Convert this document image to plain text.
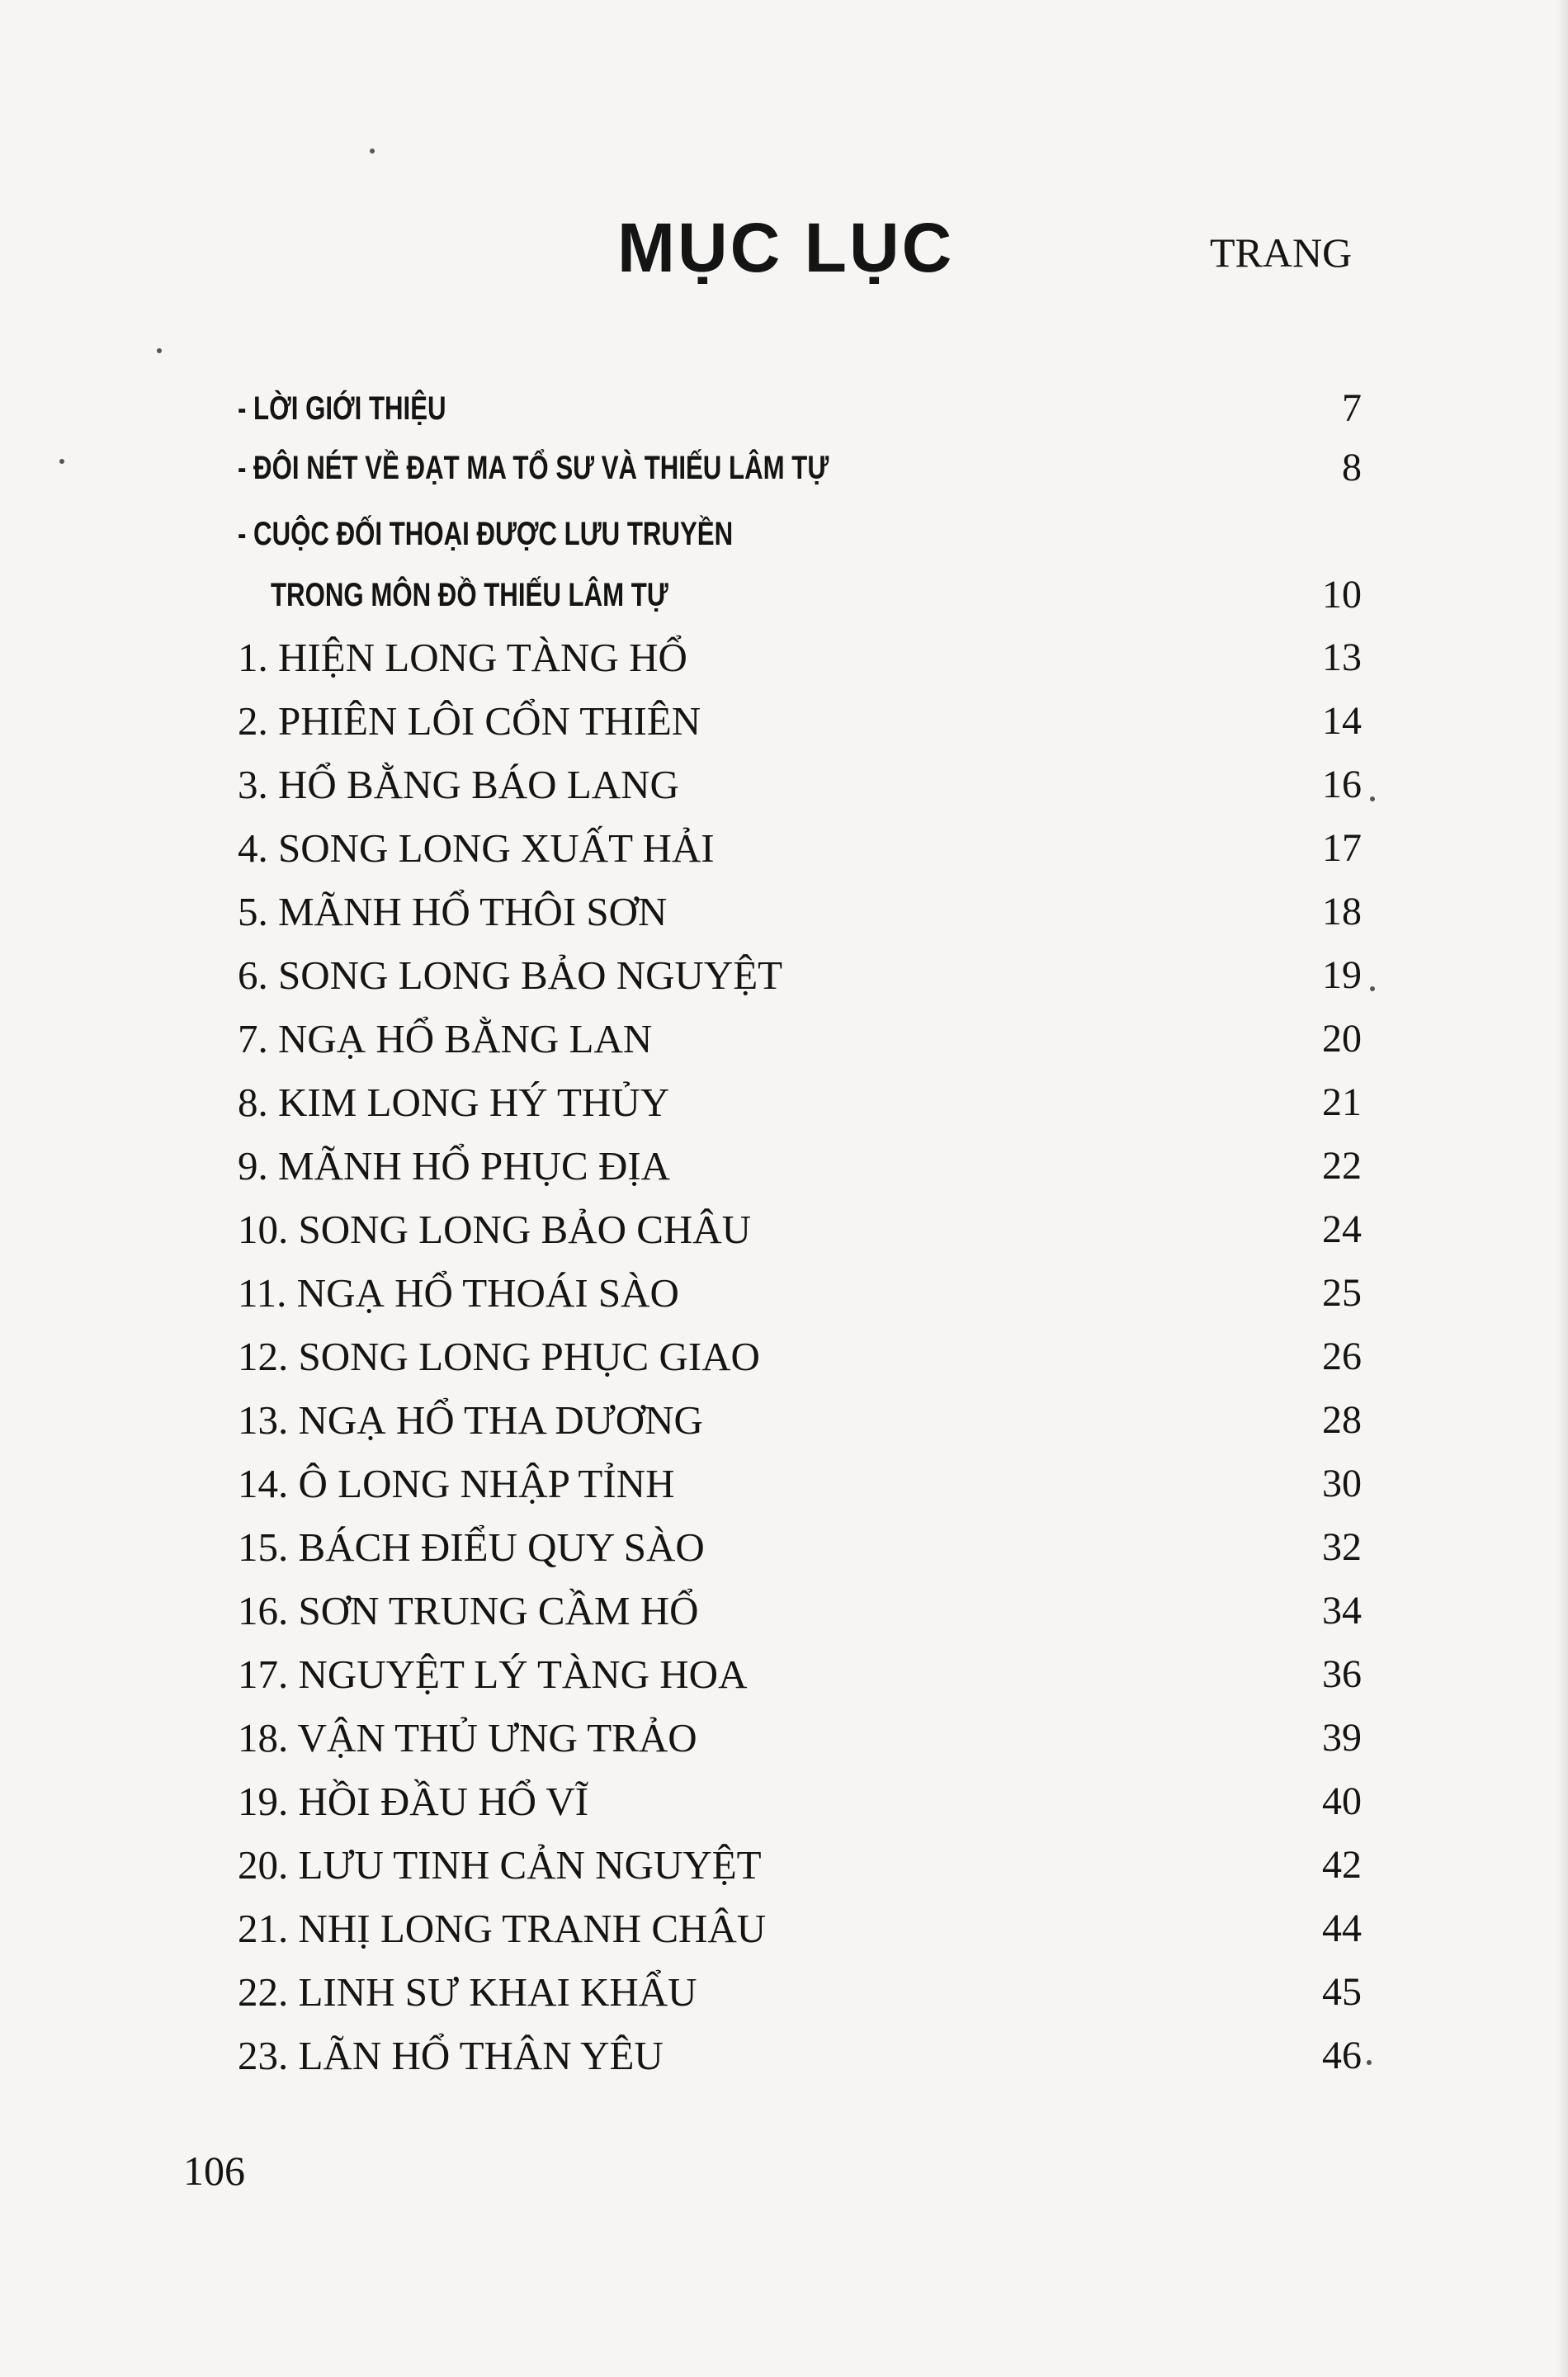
MỤC LỤC	TRANG
- LỜI GIỚI THIỆU	7
- ĐÔI NÉT VỀ ĐẠT MA TỔ SƯ VÀ THIẾU LÂM TỰ	8
- CUỘC ĐỐI THOẠI ĐƯỢC LƯU TRUYỀN
TRONG MÔN ĐỒ THIẾU LÂM TỰ	10
1. HIỆN LONG TÀNG HỔ	13
2. PHIÊN LÔI CỔN THIÊN	14
3. HỔ BẰNG BÁO LANG	16
4. SONG LONG XUẤT HẢI	17
5. MÃNH HỔ THÔI SƠN	18
6. SONG LONG BẢO NGUYỆT	19
7. NGẠ HỔ BẰNG LAN	20
8. KIM LONG HÝ THỦY	21
9. MÃNH HỔ PHỤC ĐỊA	22
10. SONG LONG BẢO CHÂU	24
11. NGẠ HỔ THOÁI SÀO	25
12. SONG LONG PHỤC GIAO	26
13. NGẠ HỔ THA DƯƠNG	28
14. Ô LONG NHẬP TỈNH	30
15. BÁCH ĐIỂU QUY SÀO	32
16. SƠN TRUNG CẦM HỔ	34
17. NGUYỆT LÝ TÀNG HOA	36
18. VẬN THỦ ƯNG TRẢO	39
19. HỒI ĐẦU HỔ VĨ	40
20. LƯU TINH CẢN NGUYỆT	42
21. NHỊ LONG TRANH CHÂU	44
22. LINH SƯ KHAI KHẨU	45
23. LÃN HỔ THÂN YÊU	46
106
